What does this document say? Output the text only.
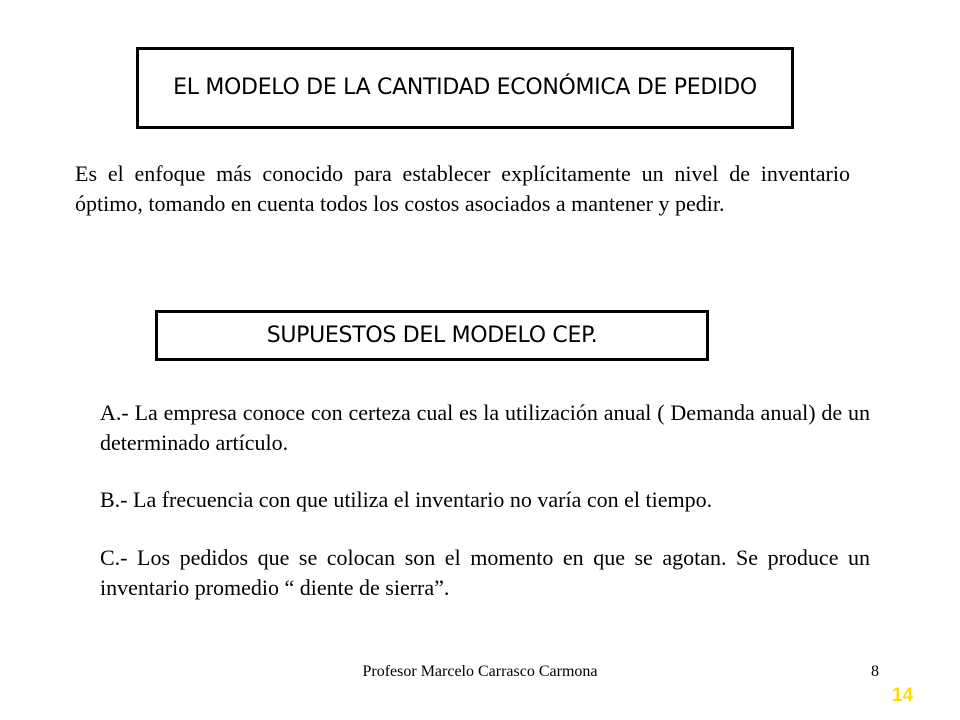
EL MODELO DE LA CANTIDAD ECONÓMICA DE PEDIDO

Es el enfoque más conocido para establecer explícitamente un nivel de inventario óptimo, tomando en cuenta todos los costos asociados a mantener y pedir.

SUPUESTOS DEL MODELO CEP.

A.- La empresa conoce con certeza cual es la utilización anual ( Demanda anual) de un determinado artículo.

B.- La frecuencia con que utiliza el inventario no varía con el tiempo.

C.- Los pedidos que se colocan son el momento en que se agotan. Se produce un inventario promedio “ diente de sierra”.

Profesor Marcelo Carrasco Carmona	8
14
